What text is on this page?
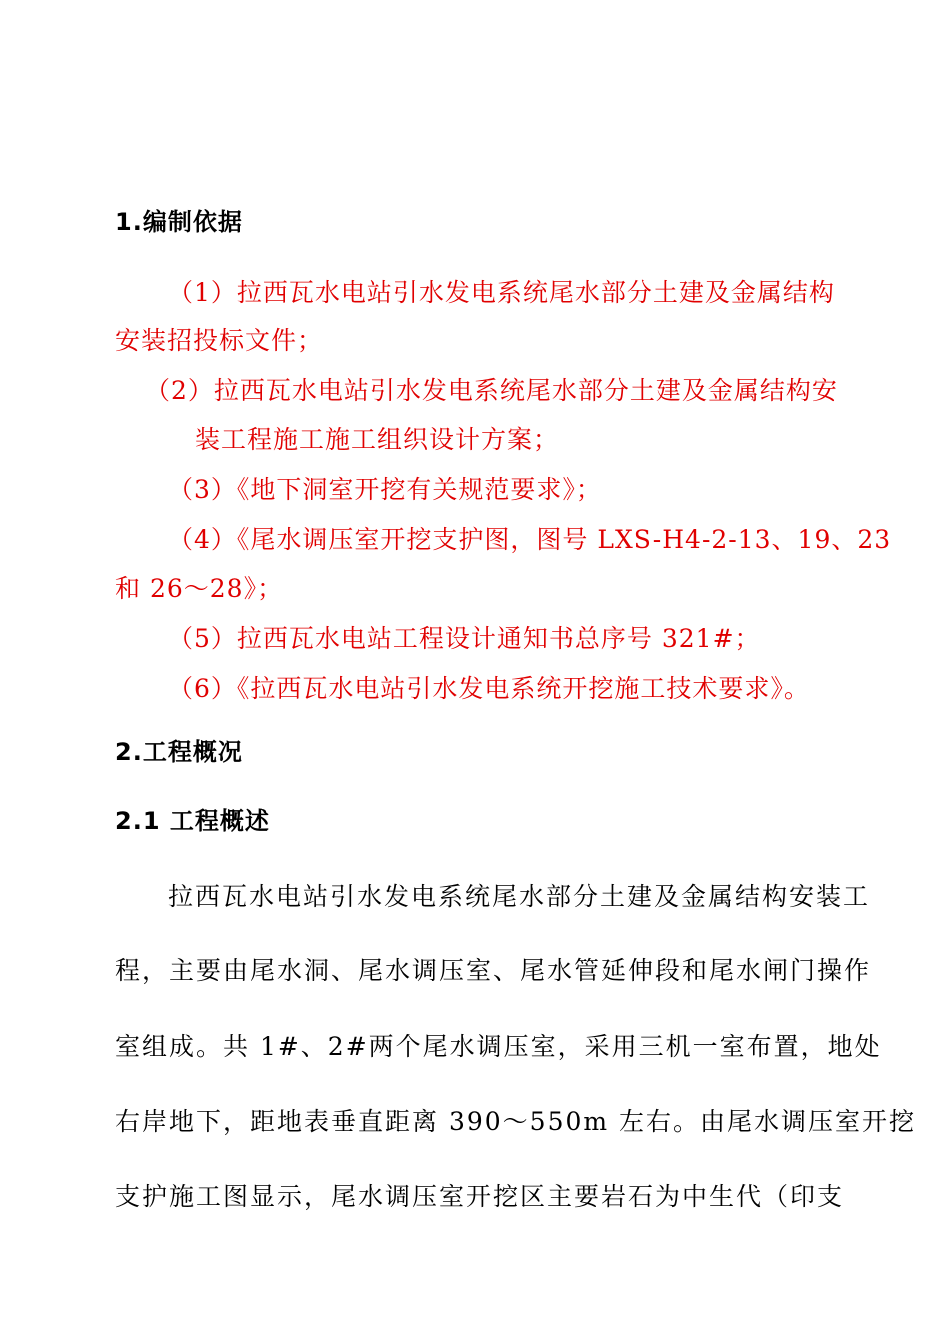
1.编制依据
（1）拉西瓦水电站引水发电系统尾水部分土建及金属结构
安装招投标文件；
（2）拉西瓦水电站引水发电系统尾水部分土建及金属结构安
装工程施工施工组织设计方案；
（3）《地下洞室开挖有关规范要求》；
（4）《尾水调压室开挖支护图，图号 LXS-H4-2-13、19、23
和 26～28》；
（5）拉西瓦水电站工程设计通知书总序号 321#；
（6）《拉西瓦水电站引水发电系统开挖施工技术要求》。
2.工程概况
2.1 工程概述
拉西瓦水电站引水发电系统尾水部分土建及金属结构安装工
程，主要由尾水洞、尾水调压室、尾水管延伸段和尾水闸门操作
室组成。共 1#、2#两个尾水调压室，采用三机一室布置，地处
右岸地下，距地表垂直距离 390～550m 左右。由尾水调压室开挖
支护施工图显示，尾水调压室开挖区主要岩石为中生代（印支
